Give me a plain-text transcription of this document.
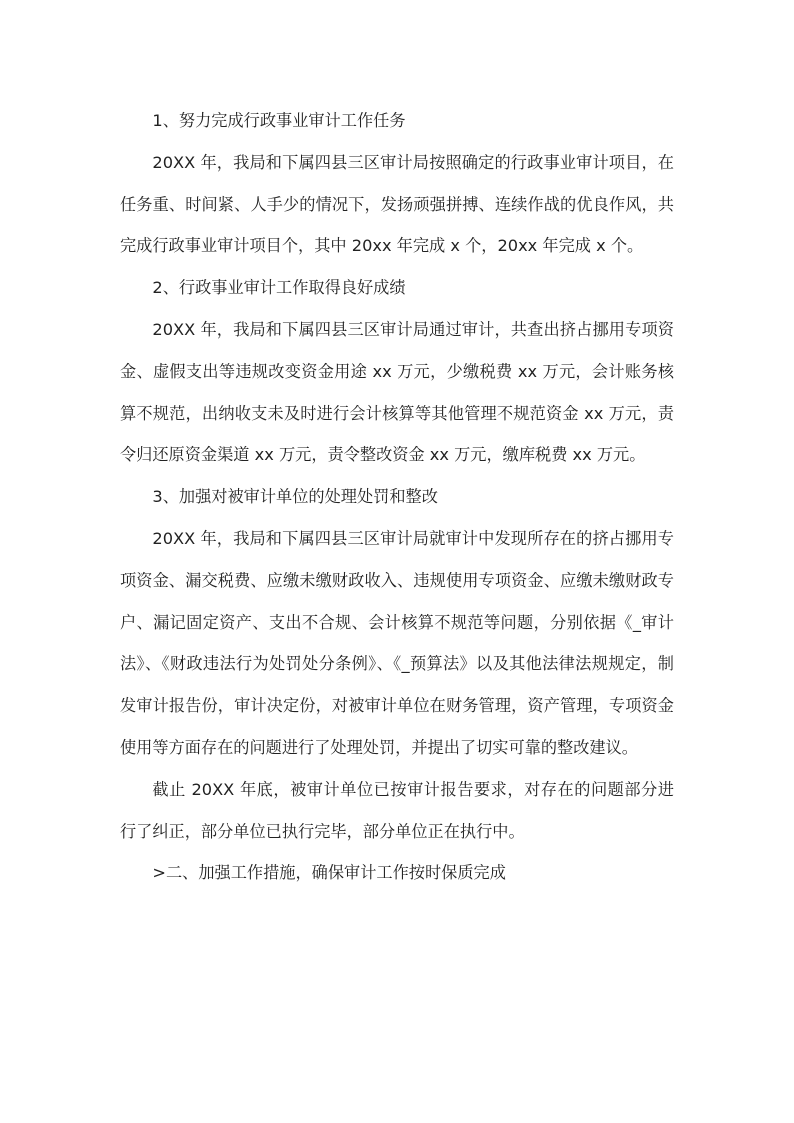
1、努力完成行政事业审计工作任务

20XX 年，我局和下属四县三区审计局按照确定的行政事业审计项目，在任务重、时间紧、人手少的情况下，发扬顽强拼搏、连续作战的优良作风，共完成行政事业审计项目个，其中 20xx 年完成 x 个，20xx 年完成 x 个。

2、行政事业审计工作取得良好成绩

20XX 年，我局和下属四县三区审计局通过审计，共查出挤占挪用专项资金、虚假支出等违规改变资金用途 xx 万元，少缴税费 xx 万元，会计账务核算不规范，出纳收支未及时进行会计核算等其他管理不规范资金 xx 万元，责令归还原资金渠道 xx 万元，责令整改资金 xx 万元，缴库税费 xx 万元。

3、加强对被审计单位的处理处罚和整改

20XX 年，我局和下属四县三区审计局就审计中发现所存在的挤占挪用专项资金、漏交税费、应缴未缴财政收入、违规使用专项资金、应缴未缴财政专户、漏记固定资产、支出不合规、会计核算不规范等问题，分别依据《_审计法》、《财政违法行为处罚处分条例》、《_预算法》以及其他法律法规规定，制发审计报告份，审计决定份，对被审计单位在财务管理，资产管理，专项资金使用等方面存在的问题进行了处理处罚，并提出了切实可靠的整改建议。

截止 20XX 年底，被审计单位已按审计报告要求，对存在的问题部分进行了纠正，部分单位已执行完毕，部分单位正在执行中。

>二、加强工作措施，确保审计工作按时保质完成
